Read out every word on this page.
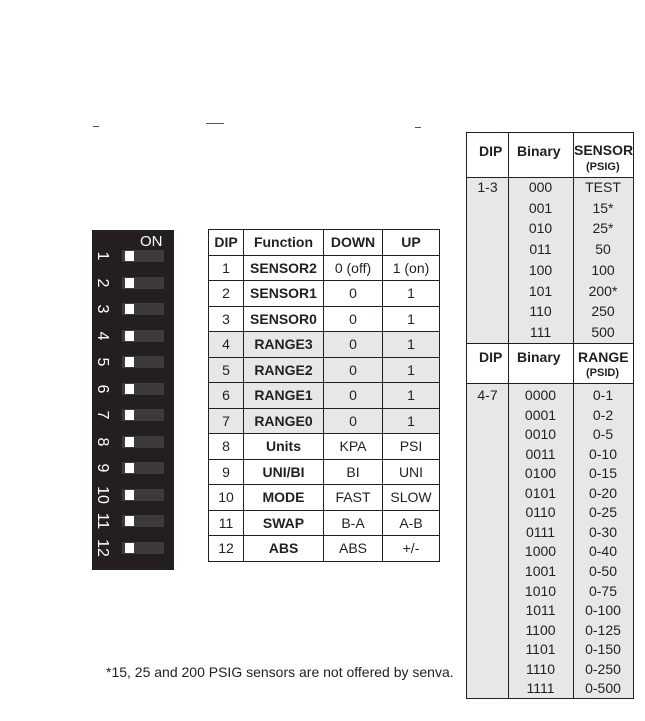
1
2
3
4
5
6
7
8
9
10
11
12
ON	DIP	Function	DOWN	UP
1	SENSOR2	0 (off)	1 (on)
2	SENSOR1	0	1
3	SENSOR0	0	1
4	RANGE3	0	1
5	RANGE2	0	1
6	RANGE1	0	1
7	RANGE0	0	1
8	Units	KPA	PSI
9	UNI/BI	BI	UNI
10	MODE	FAST	SLOW
11	SWAP	B-A	A-B
12	ABS	ABS	+/-
DIP Binary SENSOR
(PSIG)
DIP Binary RANGE
(PSID)
1-3
4-7
000	TEST
001	15*
010	25*
011	50
100	100
101	200*
110	250
111	500
0000	0-1
0001	0-2
0010	0-5
0011	0-10
0100	0-15
0101	0-20
0110	0-25
0111	0-30
1000	0-40
1001	0-50
1010	0-75
1011	0-100
1100	0-125
1101	0-150
1110	0-250
1111	0-500
*15, 25 and 200 PSIG sensors are not offered by senva.
